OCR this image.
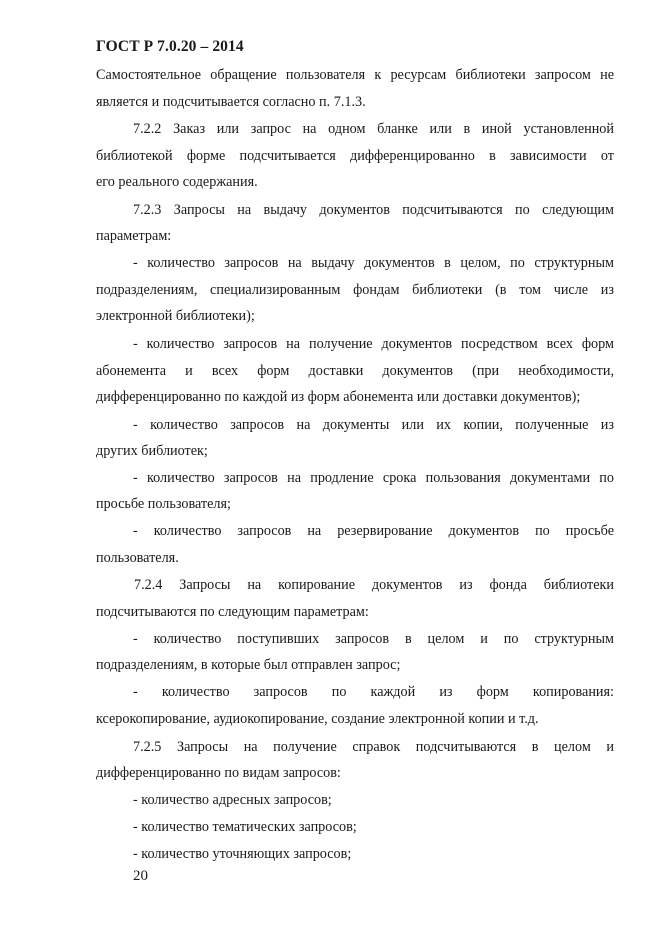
ГОСТ Р 7.0.20 – 2014
Самостоятельное обращение пользователя к ресурсам библиотеки запросом не
является и подсчитывается согласно п. 7.1.3.
7.2.2 Заказ или запрос на одном бланке или в иной установленной
библиотекой форме подсчитывается дифференцированно в зависимости от
его реального содержания.
7.2.3 Запросы на выдачу документов подсчитываются по следующим
параметрам:
- количество запросов на выдачу документов в целом, по структурным
подразделениям, специализированным фондам библиотеки (в том числе из
электронной библиотеки);
- количество запросов на получение документов посредством всех форм
абонемента и всех форм доставки документов (при необходимости,
дифференцированно по каждой из форм абонемента или доставки документов);
- количество запросов на документы или их копии, полученные из
других библиотек;
- количество запросов на продление срока пользования документами по
просьбе пользователя;
- количество запросов на резервирование документов по просьбе
пользователя.
7.2.4 Запросы на копирование документов из фонда библиотеки
подсчитываются по следующим параметрам:
- количество поступивших запросов в целом и по структурным
подразделениям, в которые был отправлен запрос;
- количество запросов по каждой из форм копирования:
ксерокопирование, аудиокопирование, создание электронной копии и т.д.
7.2.5 Запросы на получение справок подсчитываются в целом и
дифференцированно по видам запросов:
- количество адресных запросов;
- количество тематических запросов;
- количество уточняющих запросов;
20
